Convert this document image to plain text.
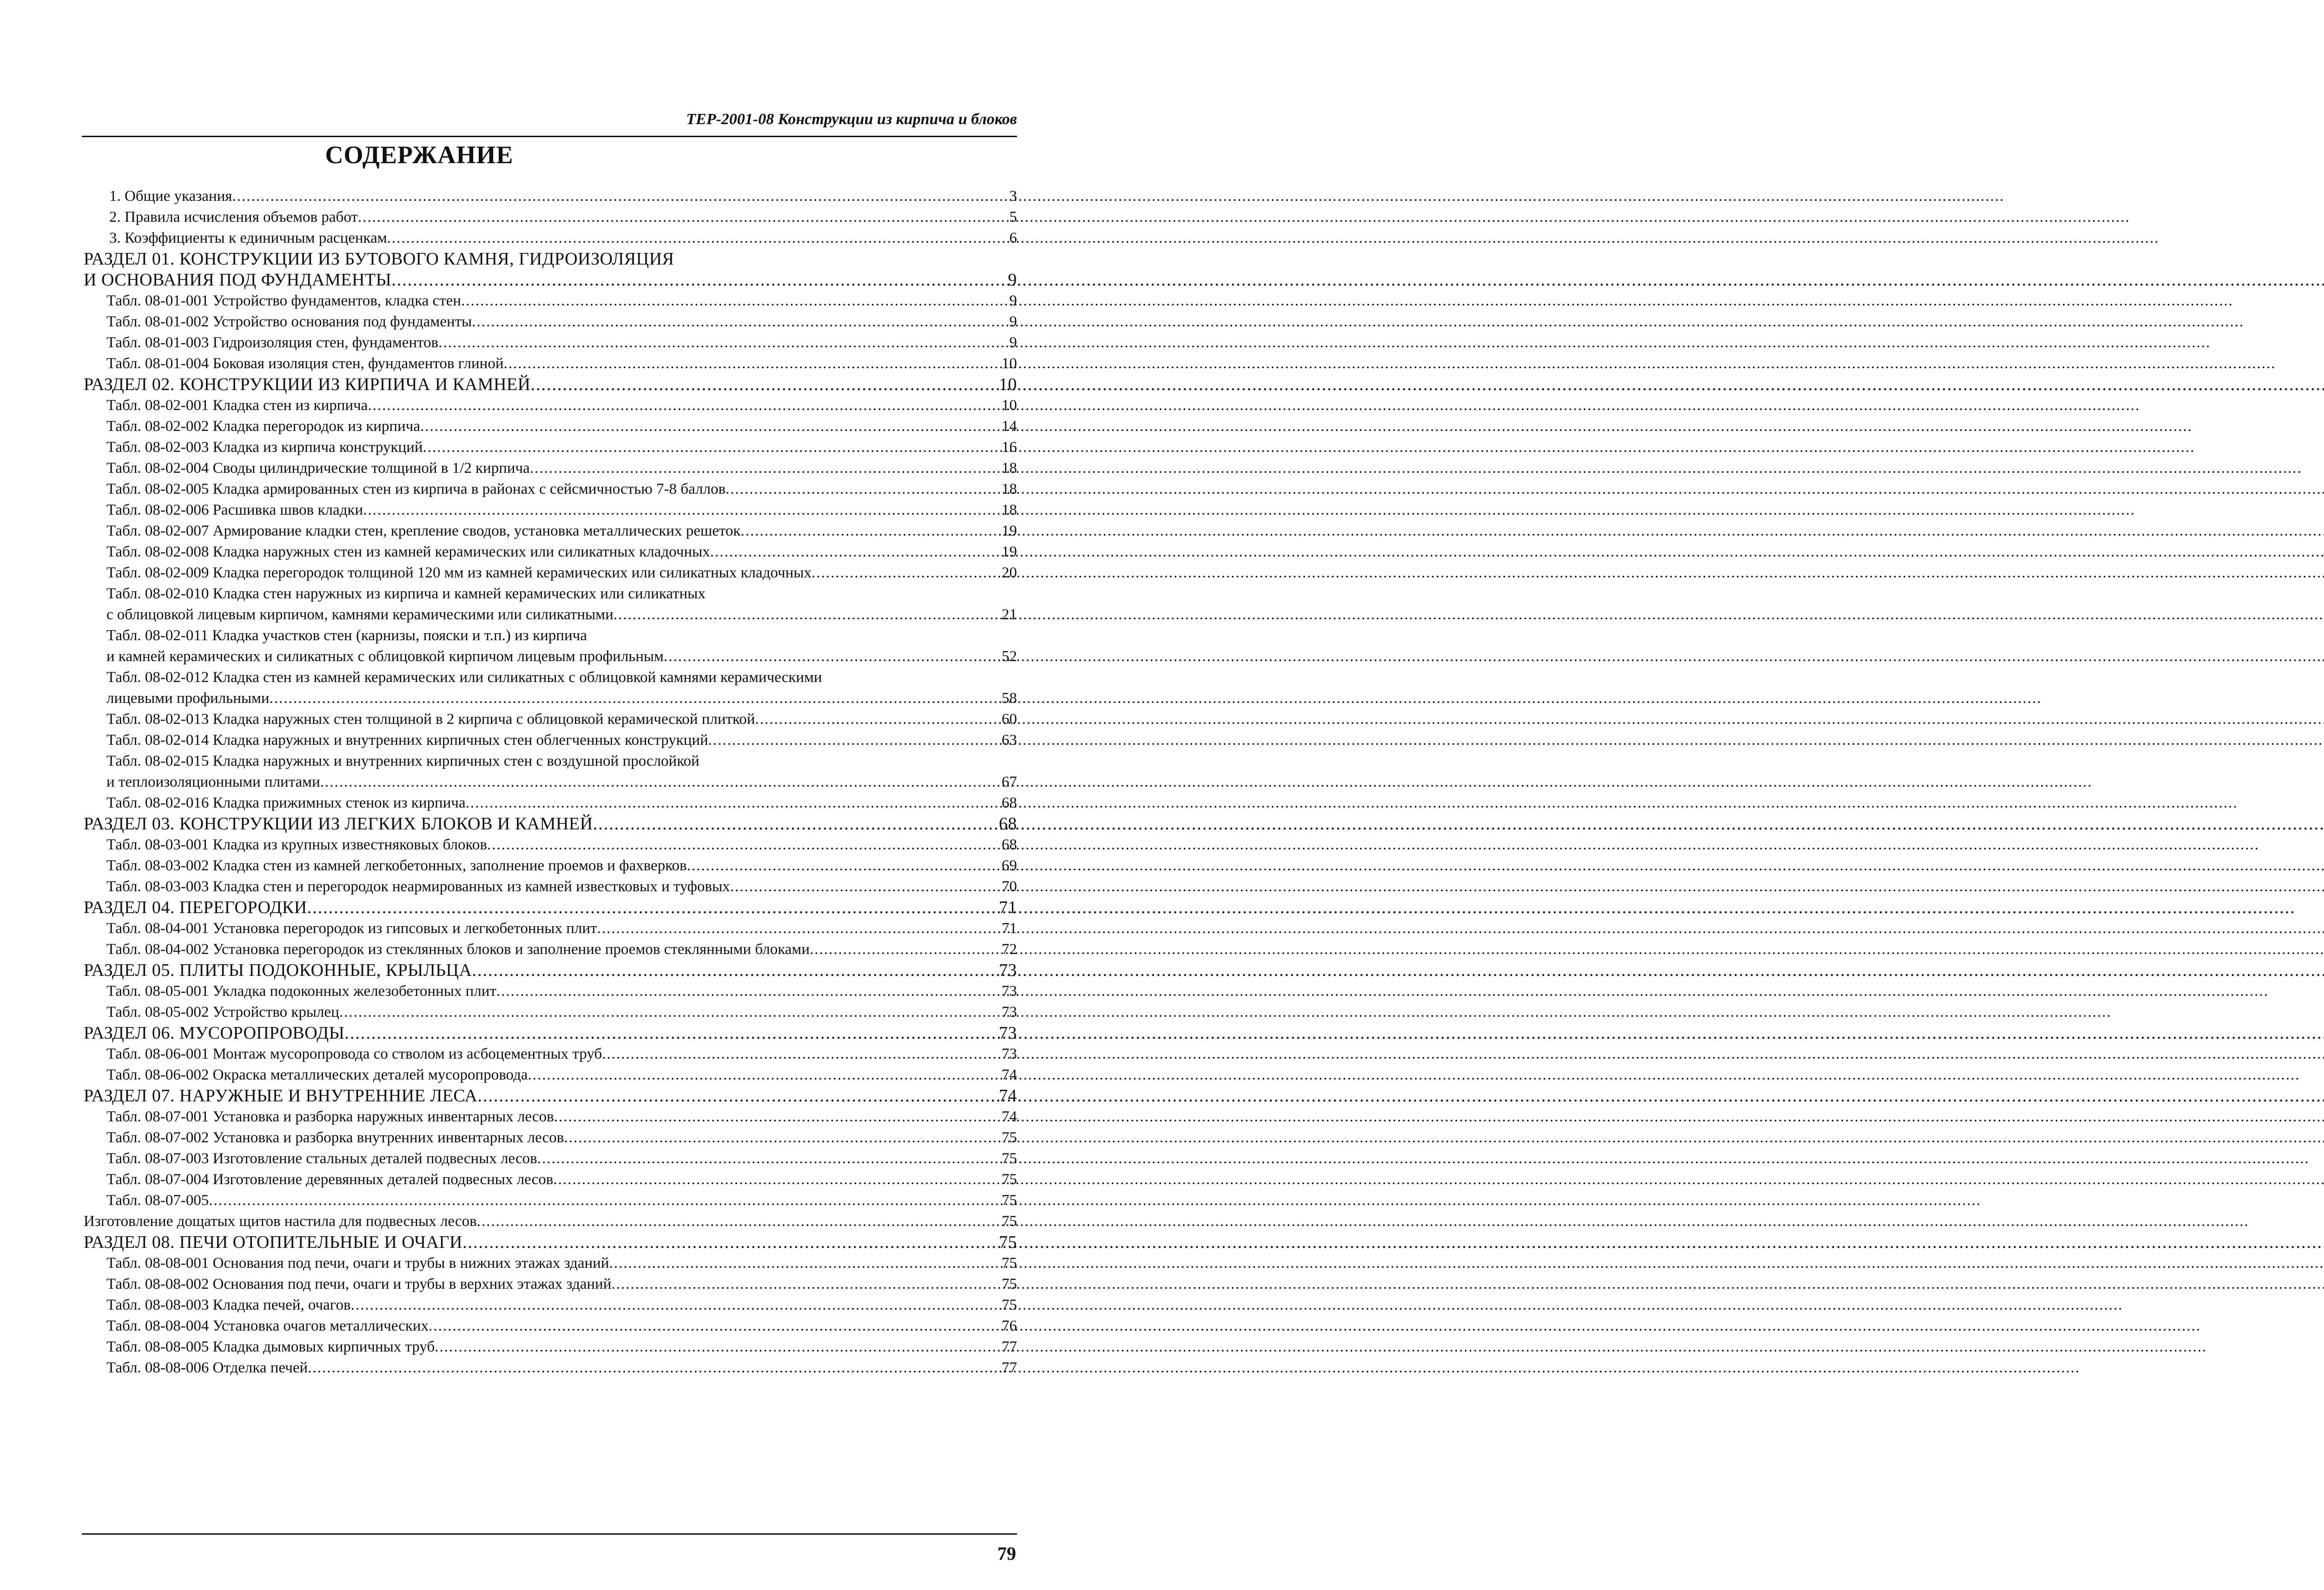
ТЕР-2001-08 Конструкции из кирпича и блоков
СОДЕРЖАНИЕ
1. Общие указания .....	3
2. Правила исчисления объемов работ .....	5
3. Коэффициенты к единичным расценкам .....	6
РАЗДЕЛ 01. КОНСТРУКЦИИ ИЗ БУТОВОГО КАМНЯ, ГИДРОИЗОЛЯЦИЯ
И ОСНОВАНИЯ ПОД ФУНДАМЕНТЫ .....	9
Табл. 08-01-001 Устройство фундаментов, кладка стен .....	9
Табл. 08-01-002 Устройство основания под фундаменты .....	9
Табл. 08-01-003 Гидроизоляция стен, фундаментов .....	9
Табл. 08-01-004 Боковая изоляция стен, фундаментов глиной .....	10
РАЗДЕЛ 02. КОНСТРУКЦИИ ИЗ КИРПИЧА И КАМНЕЙ .....	10
Табл. 08-02-001 Кладка стен из кирпича .....	10
Табл. 08-02-002 Кладка перегородок из кирпича .....	14
Табл. 08-02-003 Кладка из кирпича конструкций .....	16
Табл. 08-02-004 Своды цилиндрические толщиной в 1/2 кирпича .....	18
Табл. 08-02-005 Кладка армированных стен из кирпича в районах с сейсмичностью 7-8 баллов .....	18
Табл. 08-02-006 Расшивка швов кладки .....	18
Табл. 08-02-007 Армирование кладки стен, крепление сводов, установка металлических решеток .....	19
Табл. 08-02-008 Кладка наружных стен из камней керамических или силикатных кладочных .....	19
Табл. 08-02-009 Кладка перегородок толщиной 120 мм из камней керамических или силикатных кладочных .....	20
Табл. 08-02-010 Кладка стен наружных из кирпича и камней керамических или силикатных
с облицовкой лицевым кирпичом, камнями керамическими или силикатными .....	21
Табл. 08-02-011 Кладка участков стен (карнизы, пояски и т.п.) из кирпича
и камней керамических и силикатных с облицовкой кирпичом лицевым профильным .....	52
Табл. 08-02-012 Кладка стен из камней керамических или силикатных с облицовкой камнями керамическими
лицевыми профильными .....	58
Табл. 08-02-013 Кладка наружных стен толщиной в 2 кирпича с облицовкой керамической плиткой .....	60
Табл. 08-02-014 Кладка наружных и внутренних кирпичных стен облегченных конструкций .....	63
Табл. 08-02-015 Кладка наружных и внутренних кирпичных стен с воздушной прослойкой
и теплоизоляционными плитами .....	67
Табл. 08-02-016 Кладка прижимных стенок из кирпича .....	68
РАЗДЕЛ 03. КОНСТРУКЦИИ ИЗ ЛЕГКИХ БЛОКОВ И КАМНЕЙ .....	68
Табл. 08-03-001 Кладка из крупных известняковых блоков .....	68
Табл. 08-03-002 Кладка стен из камней легкобетонных, заполнение проемов и фахверков .....	69
Табл. 08-03-003 Кладка стен и перегородок неармированных из камней известковых и туфовых .....	70
РАЗДЕЛ 04. ПЕРЕГОРОДКИ .....	71
Табл. 08-04-001 Установка перегородок из гипсовых и легкобетонных плит .....	71
Табл. 08-04-002 Установка перегородок из стеклянных блоков и заполнение проемов стеклянными блоками .....	72
РАЗДЕЛ 05. ПЛИТЫ ПОДОКОННЫЕ, КРЫЛЬЦА .....	73
Табл. 08-05-001 Укладка подоконных железобетонных плит .....	73
Табл. 08-05-002 Устройство крылец .....	73
РАЗДЕЛ 06. МУСОРОПРОВОДЫ .....	73
Табл. 08-06-001 Монтаж мусоропровода со стволом из асбоцементных труб .....	73
Табл. 08-06-002 Окраска металлических деталей мусоропровода .....	74
РАЗДЕЛ 07. НАРУЖНЫЕ И ВНУТРЕННИЕ ЛЕСА .....	74
Табл. 08-07-001 Установка и разборка наружных инвентарных лесов .....	74
Табл. 08-07-002 Установка и разборка внутренних инвентарных лесов .....	75
Табл. 08-07-003 Изготовление стальных деталей подвесных лесов .....	75
Табл. 08-07-004 Изготовление деревянных деталей подвесных лесов .....	75
Табл. 08-07-005 .....	75
Изготовление дощатых щитов настила для подвесных лесов .....	75
РАЗДЕЛ 08. ПЕЧИ ОТОПИТЕЛЬНЫЕ И ОЧАГИ .....	75
Табл. 08-08-001 Основания под печи, очаги и трубы в нижних этажах зданий .....	75
Табл. 08-08-002 Основания под печи, очаги и трубы в верхних этажах зданий .....	75
Табл. 08-08-003 Кладка печей, очагов .....	75
Табл. 08-08-004 Установка очагов металлических .....	76
Табл. 08-08-005 Кладка дымовых кирпичных труб .....	77
Табл. 08-08-006 Отделка печей .....	77
79
